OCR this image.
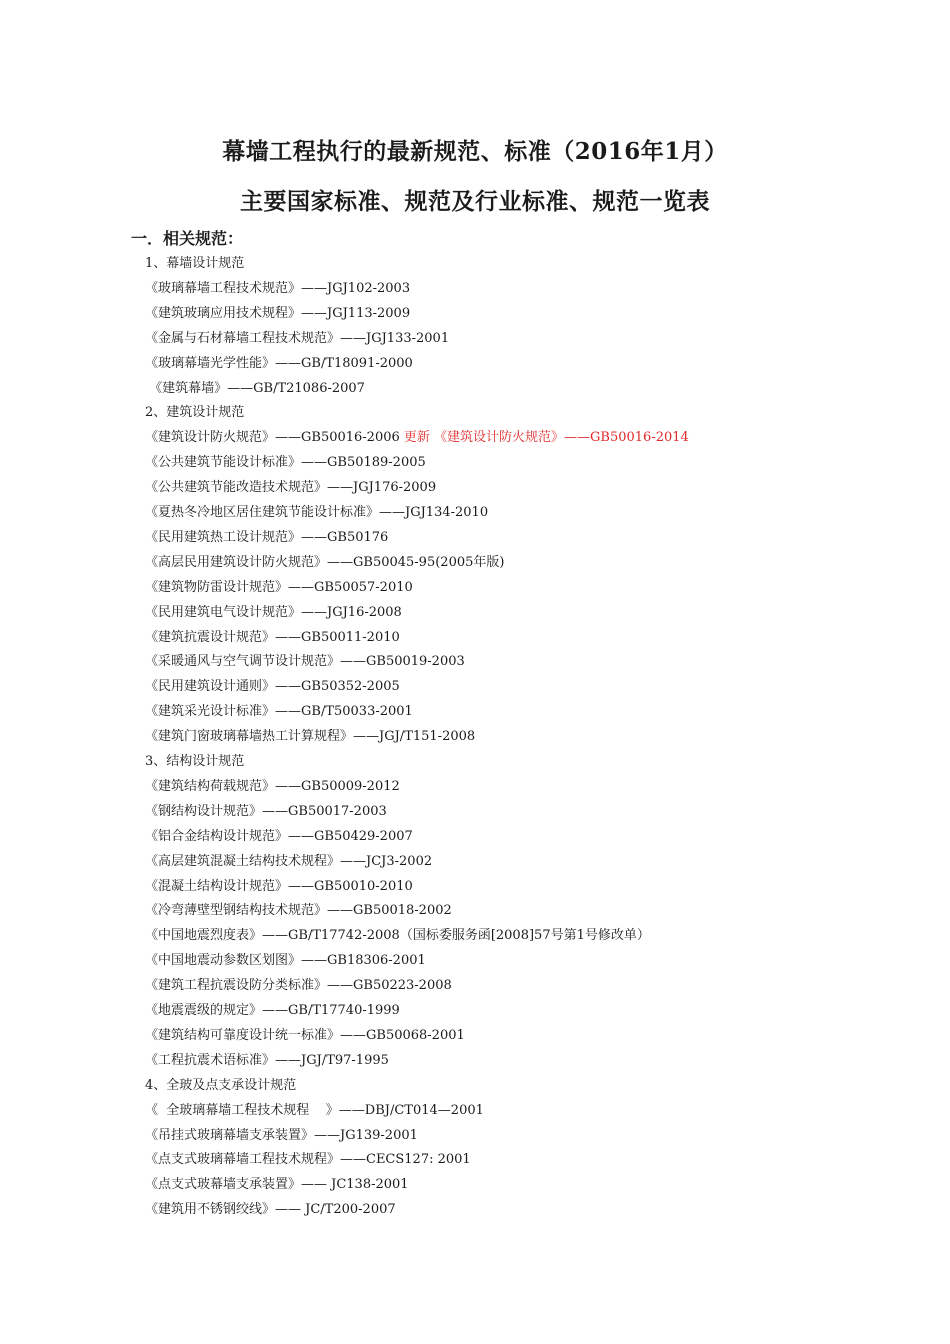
幕墙工程执行的最新规范、标准（2016年1月）
主要国家标准、规范及行业标准、规范一览表
一．相关规范：
1、幕墙设计规范
《玻璃幕墙工程技术规范》——JGJ102-2003
《建筑玻璃应用技术规程》——JGJ113-2009
《金属与石材幕墙工程技术规范》——JGJ133-2001
《玻璃幕墙光学性能》——GB/T18091-2000
《建筑幕墙》——GB/T21086-2007
2、建筑设计规范
《建筑设计防火规范》——GB50016-2006 更新 《建筑设计防火规范》——GB50016-2014
《公共建筑节能设计标准》——GB50189-2005
《公共建筑节能改造技术规范》——JGJ176-2009
《夏热冬冷地区居住建筑节能设计标准》——JGJ134-2010
《民用建筑热工设计规范》——GB50176
《高层民用建筑设计防火规范》——GB50045-95(2005年版)
《建筑物防雷设计规范》——GB50057-2010
《民用建筑电气设计规范》——JGJ16-2008
《建筑抗震设计规范》——GB50011-2010
《采暖通风与空气调节设计规范》——GB50019-2003
《民用建筑设计通则》——GB50352-2005
《建筑采光设计标准》——GB/T50033-2001
《建筑门窗玻璃幕墙热工计算规程》——JGJ/T151-2008
3、结构设计规范
《建筑结构荷载规范》——GB50009-2012
《钢结构设计规范》——GB50017-2003
《铝合金结构设计规范》——GB50429-2007
《高层建筑混凝土结构技术规程》——JCJ3-2002
《混凝土结构设计规范》——GB50010-2010
《冷弯薄壁型钢结构技术规范》——GB50018-2002
《中国地震烈度表》——GB/T17742-2008（国标委服务函[2008]57号第1号修改单）
《中国地震动参数区划图》——GB18306-2001
《建筑工程抗震设防分类标准》——GB50223-2008
《地震震级的规定》——GB/T17740-1999
《建筑结构可靠度设计统一标准》——GB50068-2001
《工程抗震术语标准》——JGJ/T97-1995
4、全玻及点支承设计规范
《  全玻璃幕墙工程技术规程    》——DBJ/CT014—2001
《吊挂式玻璃幕墙支承装置》——JG139-2001
《点支式玻璃幕墙工程技术规程》——CECS127: 2001
《点支式玻幕墙支承装置》—— JC138-2001
《建筑用不锈钢绞线》—— JC/T200-2007
